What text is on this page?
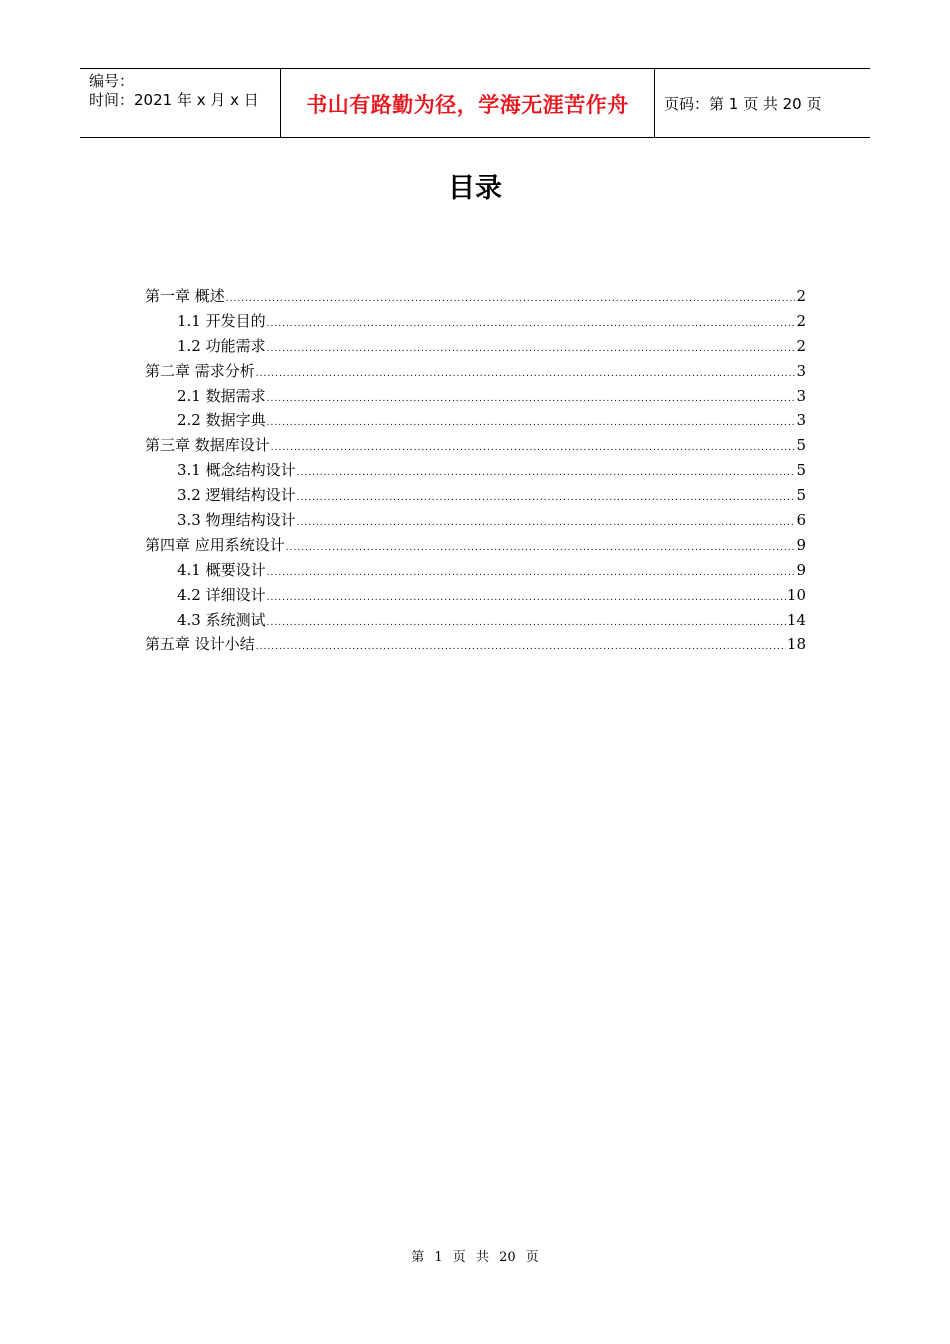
编号：
时间：2021 年 x 月 x 日	书山有路勤为径，学海无涯苦作舟 页码：第 1 页 共 20 页
目录
第一章 概述 .....	2
1.1 开发目的 .....	2
1.2 功能需求 .....	2
第二章 需求分析 .....	3
2.1 数据需求 .....	3
2.2 数据字典 .....	3
第三章 数据库设计 .....	5
3.1 概念结构设计 .....	5
3.2 逻辑结构设计 .....	5
3.3 物理结构设计 .....	6
第四章 应用系统设计 .....	9
4.1 概要设计 .....	9
4.2 详细设计 .....	10
4.3 系统测试 .....	14
第五章 设计小结 .....	18
第 1 页 共 20 页
